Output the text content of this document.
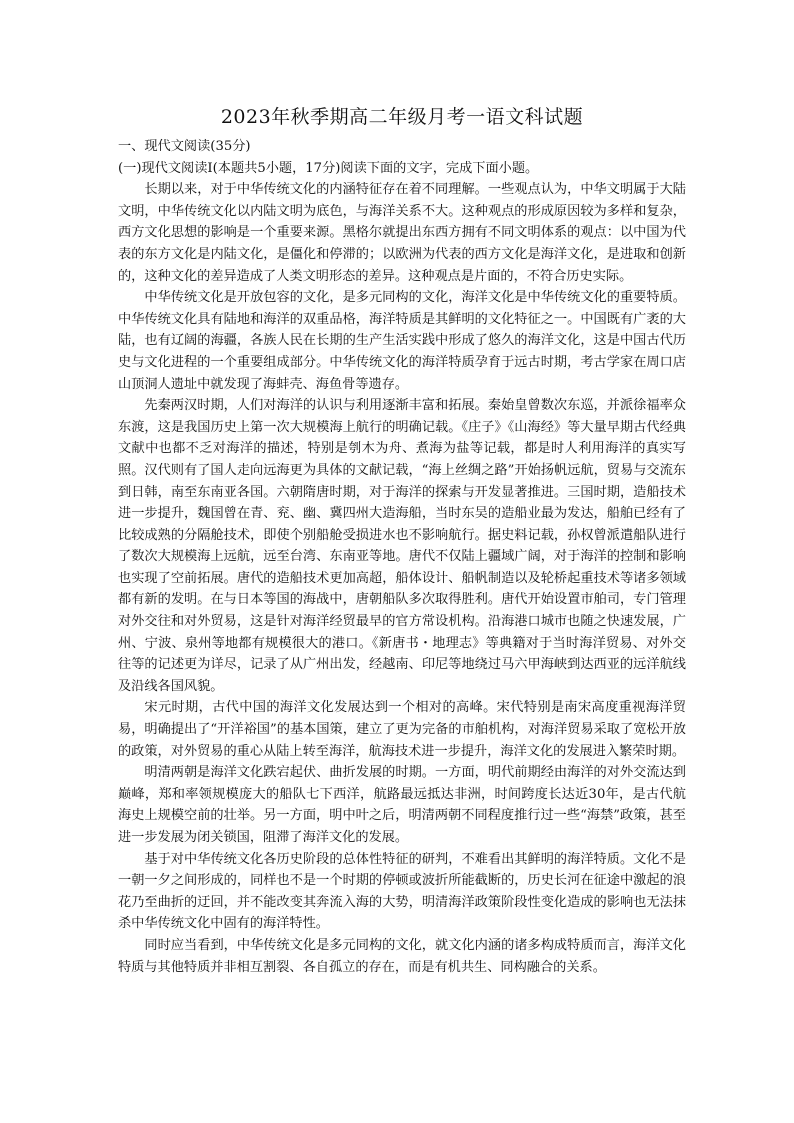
2023年秋季期高二年级月考一语文科试题

一、现代文阅读(35分)

(一)现代文阅读Ⅰ(本题共5小题，17分)阅读下面的文字，完成下面小题。

长期以来，对于中华传统文化的内涵特征存在着不同理解。一些观点认为，中华文明属于大陆文明，中华传统文化以内陆文明为底色，与海洋关系不大。这种观点的形成原因较为多样和复杂，西方文化思想的影响是一个重要来源。黑格尔就提出东西方拥有不同文明体系的观点：以中国为代表的东方文化是内陆文化，是僵化和停滞的；以欧洲为代表的西方文化是海洋文化，是进取和创新的，这种文化的差异造成了人类文明形态的差异。这种观点是片面的，不符合历史实际。

中华传统文化是开放包容的文化，是多元同构的文化，海洋文化是中华传统文化的重要特质。中华传统文化具有陆地和海洋的双重品格，海洋特质是其鲜明的文化特征之一。中国既有广袤的大陆，也有辽阔的海疆，各族人民在长期的生产生活实践中形成了悠久的海洋文化，这是中国古代历史与文化进程的一个重要组成部分。中华传统文化的海洋特质孕育于远古时期，考古学家在周口店山顶洞人遗址中就发现了海蚌壳、海鱼骨等遗存。

先秦两汉时期，人们对海洋的认识与利用逐渐丰富和拓展。秦始皇曾数次东巡，并派徐福率众东渡，这是我国历史上第一次大规模海上航行的明确记载。《庄子》《山海经》等大量早期古代经典文献中也都不乏对海洋的描述，特别是刳木为舟、煮海为盐等记载，都是时人利用海洋的真实写照。汉代则有了国人走向远海更为具体的文献记载，“海上丝绸之路”开始扬帆远航，贸易与交流东到日韩，南至东南亚各国。六朝隋唐时期，对于海洋的探索与开发显著推进。三国时期，造船技术进一步提升，魏国曾在青、兖、幽、冀四州大造海船，当时东吴的造船业最为发达，船舶已经有了比较成熟的分隔舱技术，即使个别船舱受损进水也不影响航行。据史料记载，孙权曾派遣船队进行了数次大规模海上远航，远至台湾、东南亚等地。唐代不仅陆上疆域广阔，对于海洋的控制和影响也实现了空前拓展。唐代的造船技术更加高超，船体设计、船帆制造以及轮桥起重技术等诸多领域都有新的发明。在与日本等国的海战中，唐朝船队多次取得胜利。唐代开始设置市舶司，专门管理对外交往和对外贸易，这是针对海洋经贸最早的官方常设机构。沿海港口城市也随之快速发展，广州、宁波、泉州等地都有规模很大的港口。《新唐书・地理志》等典籍对于当时海洋贸易、对外交往等的记述更为详尽，记录了从广州出发，经越南、印尼等地绕过马六甲海峡到达西亚的远洋航线及沿线各国风貌。

宋元时期，古代中国的海洋文化发展达到一个相对的高峰。宋代特别是南宋高度重视海洋贸易，明确提出了“开洋裕国”的基本国策，建立了更为完备的市舶机构，对海洋贸易采取了宽松开放的政策，对外贸易的重心从陆上转至海洋，航海技术进一步提升，海洋文化的发展进入繁荣时期。

明清两朝是海洋文化跌宕起伏、曲折发展的时期。一方面，明代前期经由海洋的对外交流达到巅峰，郑和率领规模庞大的船队七下西洋，航路最远抵达非洲，时间跨度长达近30年，是古代航海史上规模空前的壮举。另一方面，明中叶之后，明清两朝不同程度推行过一些“海禁”政策，甚至进一步发展为闭关锁国，阻滞了海洋文化的发展。

基于对中华传统文化各历史阶段的总体性特征的研判，不难看出其鲜明的海洋特质。文化不是一朝一夕之间形成的，同样也不是一个时期的停顿或波折所能截断的，历史长河在征途中激起的浪花乃至曲折的迂回，并不能改变其奔流入海的大势，明清海洋政策阶段性变化造成的影响也无法抹杀中华传统文化中固有的海洋特性。

同时应当看到，中华传统文化是多元同构的文化，就文化内涵的诸多构成特质而言，海洋文化特质与其他特质并非相互割裂、各自孤立的存在，而是有机共生、同构融合的关系。
